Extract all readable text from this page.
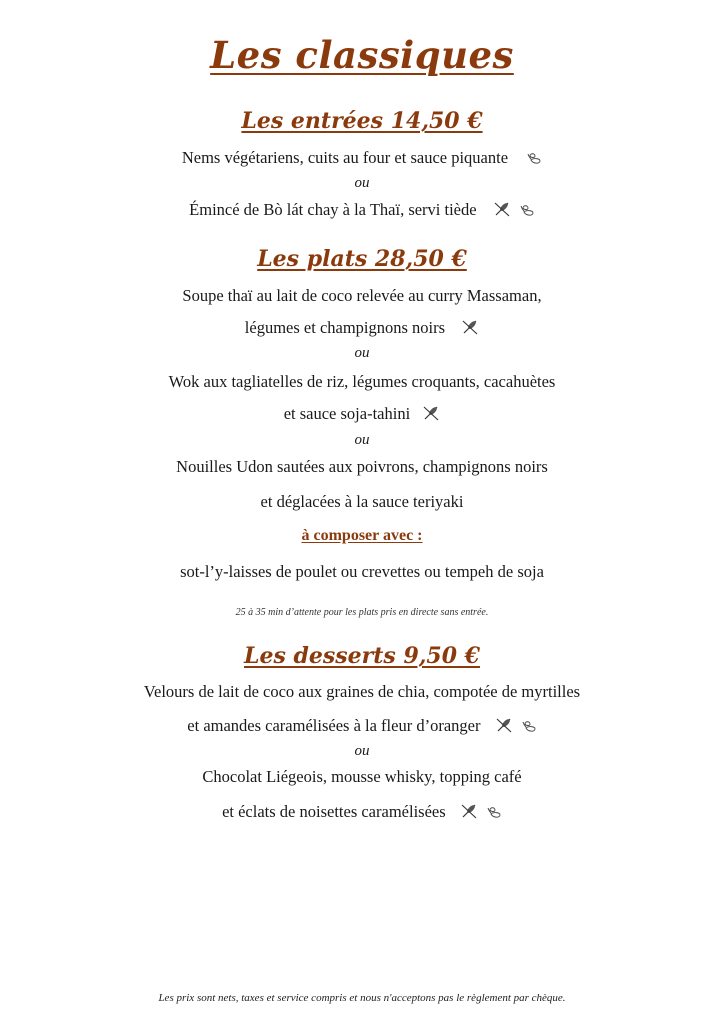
Les classiques
Les entrées 14,50 €
Nems végétariens, cuits au four et sauce piquante
ou
Émincé de Bò lát chay à la Thaï, servi tiède

Les plats 28,50 €
Soupe thaï au lait de coco relevée au curry Massaman,
légumes et champignons noirs
ou
Wok aux tagliatelles de riz, légumes croquants, cacahuètes
et sauce soja-tahini
ou
Nouilles Udon sautées aux poivrons, champignons noirs
et déglacées à la sauce teriyaki
à composer avec :
sot-l’y-laisses de poulet ou crevettes ou tempeh de soja
25 à 35 min d’attente pour les plats pris en directe sans entrée.
Les desserts 9,50 €
Velours de lait de coco aux graines de chia, compotée de myrtilles
et amandes caramélisées à la fleur d’oranger

ou
Chocolat Liégeois, mousse whisky, topping café
et éclats de noisettes caramélisées

Les prix sont nets, taxes et service compris et nous n'acceptons pas le règlement par chèque.
